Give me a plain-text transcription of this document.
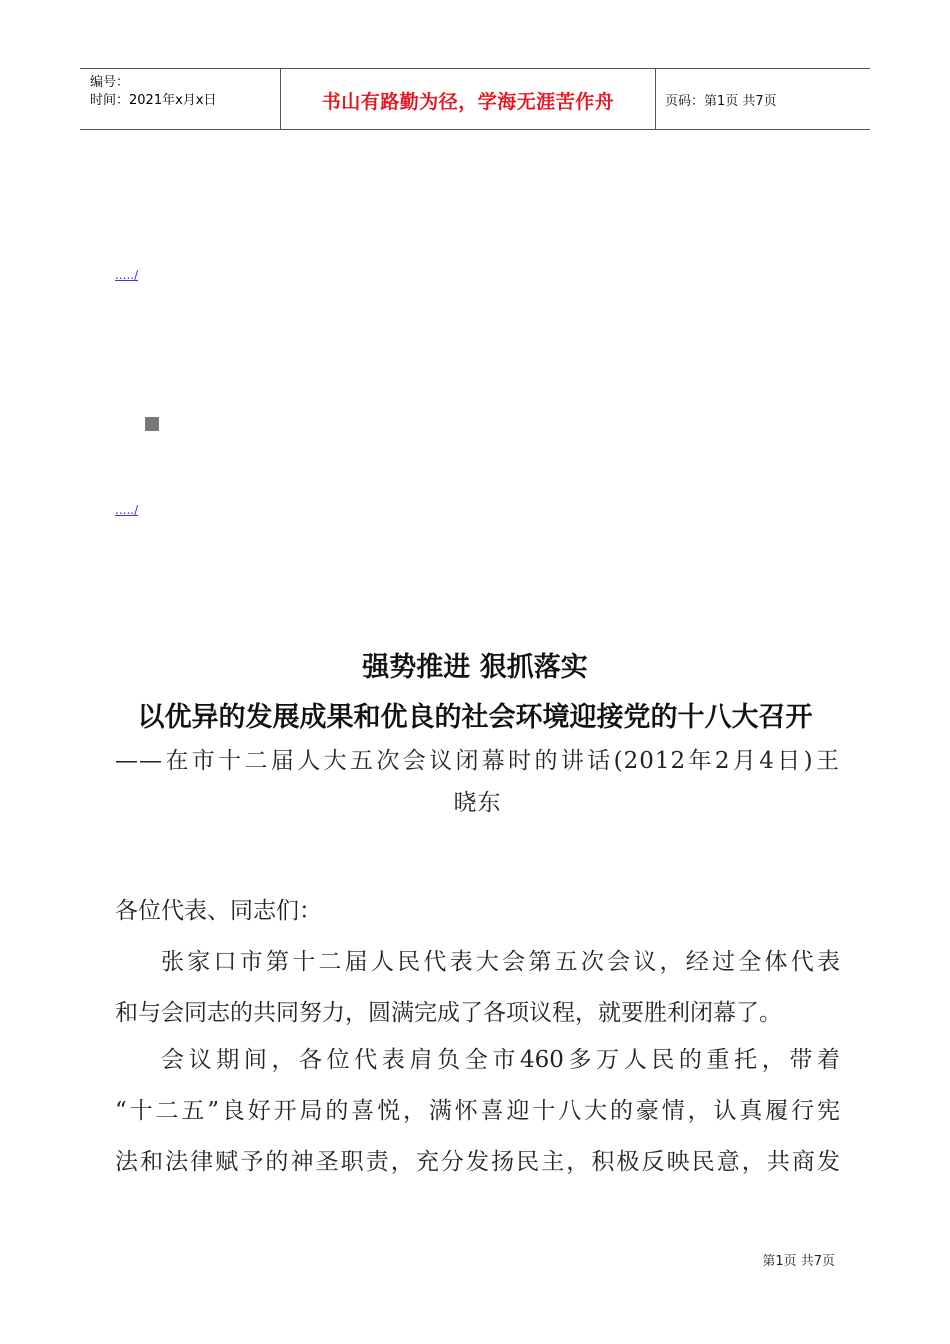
编号：
时间：2021年x月x日	书山有路勤为径，学海无涯苦作舟	页码：第1页 共7页
...../
...../
强势推进 狠抓落实
以优异的发展成果和优良的社会环境迎接党的十八大召开
——在市十二届人大五次会议闭幕时的讲话(2012年2月4日)王
晓东
各位代表、同志们：
张家口市第十二届人民代表大会第五次会议，经过全体代表
和与会同志的共同努力，圆满完成了各项议程，就要胜利闭幕了。
会议期间，各位代表肩负全市460多万人民的重托，带着
“十二五”良好开局的喜悦，满怀喜迎十八大的豪情，认真履行宪
法和法律赋予的神圣职责，充分发扬民主，积极反映民意，共商发
第1页 共7页
